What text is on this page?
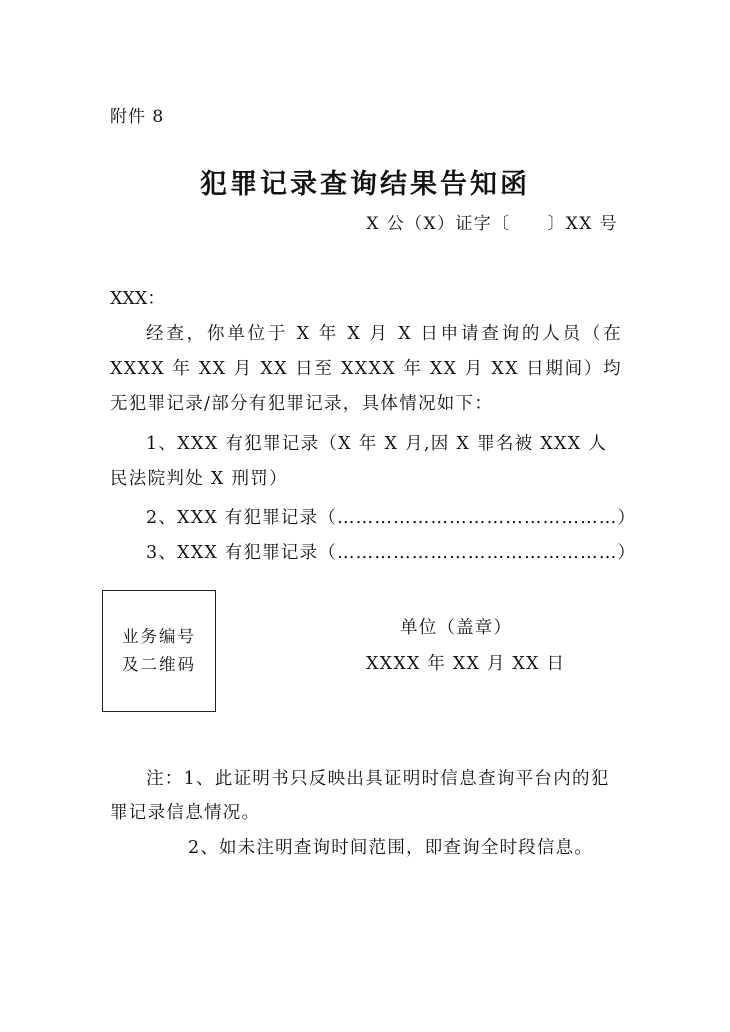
附件 8
犯罪记录查询结果告知函
X 公（X）证字〔　　〕XX 号
XXX：
经查，你单位于 X 年 X 月 X 日申请查询的人员（在 XXXX 年 XX 月 XX 日至 XXXX 年 XX 月 XX 日期间）均无犯罪记录/部分有犯罪记录，具体情况如下：
1、XXX 有犯罪记录（X 年 X 月,因 X 罪名被 XXX 人民法院判处 X 刑罚）
2、XXX 有犯罪记录（………………………………………）
3、XXX 有犯罪记录（………………………………………）
业务编号
及二维码
单位（盖章）
XXXX 年 XX 月 XX 日
注：1、此证明书只反映出具证明时信息查询平台内的犯罪记录信息情况。
2、如未注明查询时间范围，即查询全时段信息。
